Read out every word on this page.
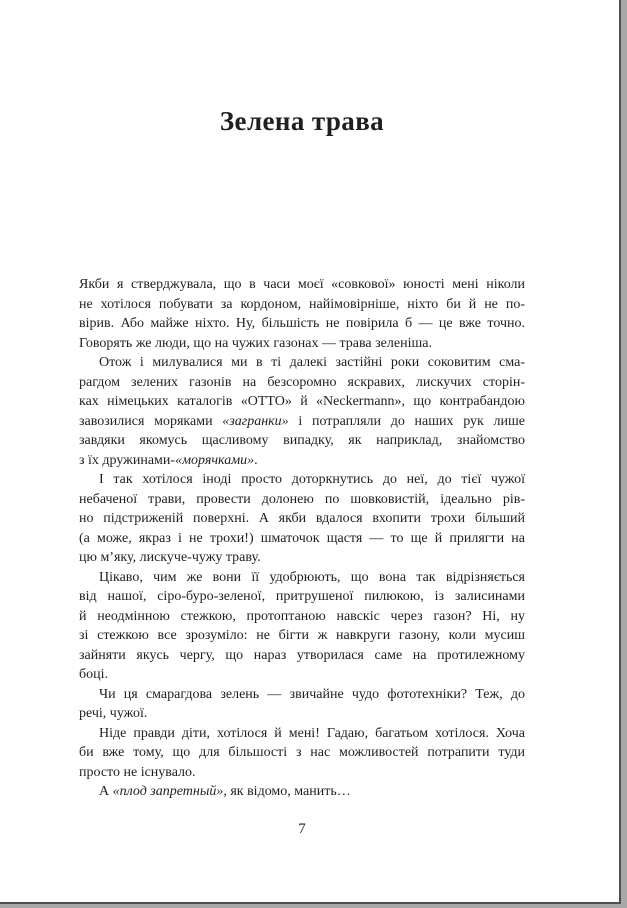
Зелена трава
Якби я стверджувала, що в часи моєї «совкової» юності мені ніколи
не хотілося побувати за кордоном, найімовірніше, ніхто би й не по-
вірив. Або майже ніхто. Ну, більшість не повірила б — це вже точно.
Говорять же люди, що на чужих газонах — трава зеленіша.
Отож і милувалися ми в ті далекі застійні роки соковитим сма-
рагдом зелених газонів на безсоромно яскравих, лискучих сторін-
ках німецьких каталогів «ОТТО» й «Neckermann», що контрабандою
завозилися моряками «загранки» і потрапляли до наших рук лише
завдяки якомусь щасливому випадку, як наприклад, знайомство
з їх дружинами-«морячками».
І так хотілося іноді просто доторкнутись до неї, до тієї чужої
небаченої трави, провести долонею по шовковистій, ідеально рів-
но підстриженій поверхні. А якби вдалося вхопити трохи більший
(а може, якраз і не трохи!) шматочок щастя — то ще й прилягти на
цю м’яку, лискуче-чужу траву.
Цікаво, чим же вони її удобрюють, що вона так відрізняється
від нашої, сіро-буро-зеленої, притрушеної пилюкою, із залисинами
й неодмінною стежкою, протоптаною навскіс через газон? Ні, ну
зі стежкою все зрозуміло: не бігти ж навкруги газону, коли мусиш
зайняти якусь чергу, що нараз утворилася саме на протилежному
боці.
Чи ця смарагдова зелень — звичайне чудо фототехніки? Теж, до
речі, чужої.
Ніде правди діти, хотілося й мені! Гадаю, багатьом хотілося. Хоча
би вже тому, що для більшості з нас можливостей потрапити туди
просто не існувало.
А «плод запретный», як відомо, манить…
7
